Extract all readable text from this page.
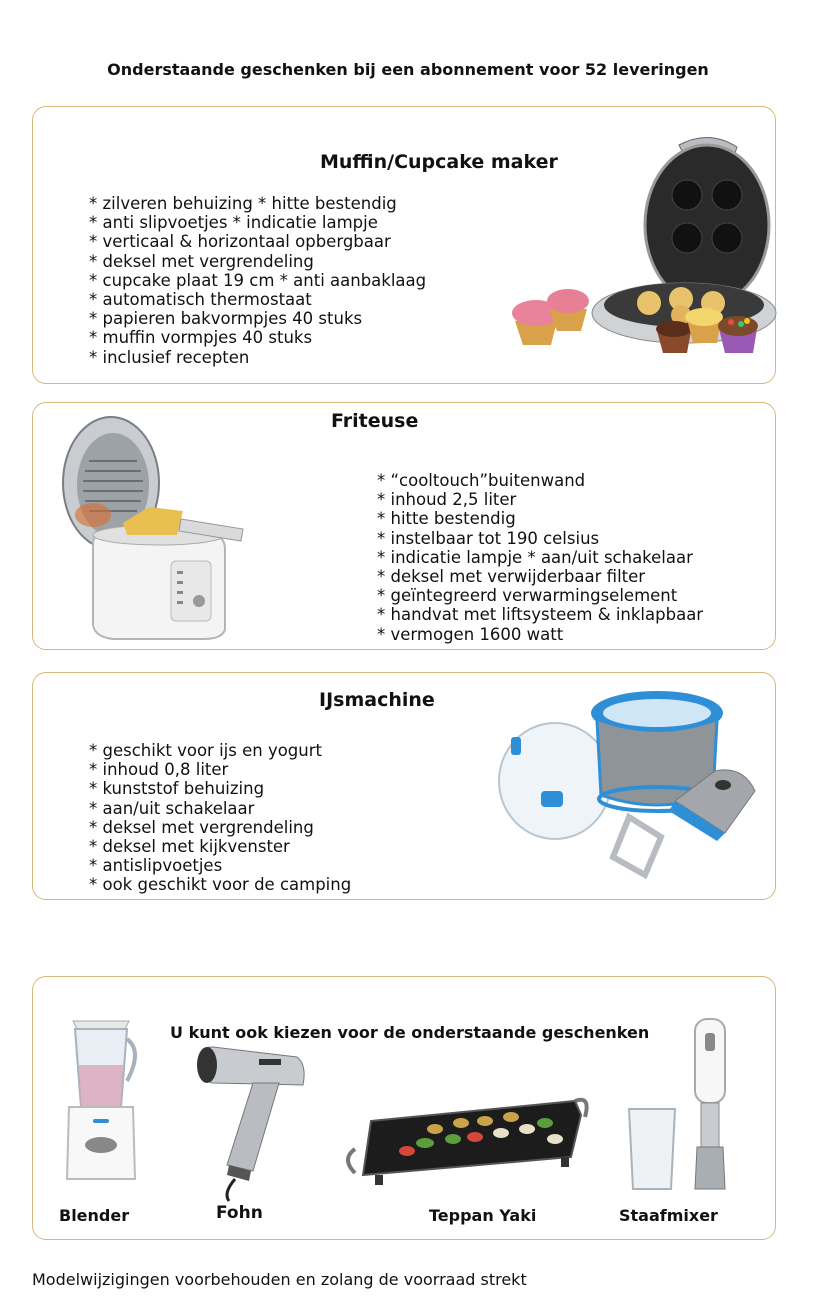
Onderstaande geschenken bij een abonnement voor 52 leveringen
Muffin/Cupcake maker
* zilveren behuizing * hitte bestendig
* anti slipvoetjes * indicatie lampje
* verticaal & horizontaal opbergbaar
* deksel met vergrendeling
* cupcake plaat 19 cm * anti aanbaklaag
* automatisch thermostaat
* papieren bakvormpjes 40 stuks
* muffin vormpjes 40 stuks
* inclusief recepten
Friteuse
* “cooltouch”buitenwand
* inhoud 2,5 liter
* hitte bestendig
* instelbaar tot 190 celsius
* indicatie lampje * aan/uit schakelaar
* deksel met verwijderbaar filter
* geïntegreerd verwarmingselement
* handvat met liftsysteem & inklapbaar
* vermogen 1600 watt
IJsmachine
* geschikt voor ijs en yogurt
* inhoud 0,8 liter
* kunststof behuizing
* aan/uit schakelaar
* deksel met vergrendeling
* deksel met kijkvenster
* antislipvoetjes
* ook geschikt voor de camping
U kunt ook kiezen voor de onderstaande geschenken
Blender	Fohn	Teppan Yaki	Staafmixer
Modelwijzigingen voorbehouden en zolang de voorraad strekt
